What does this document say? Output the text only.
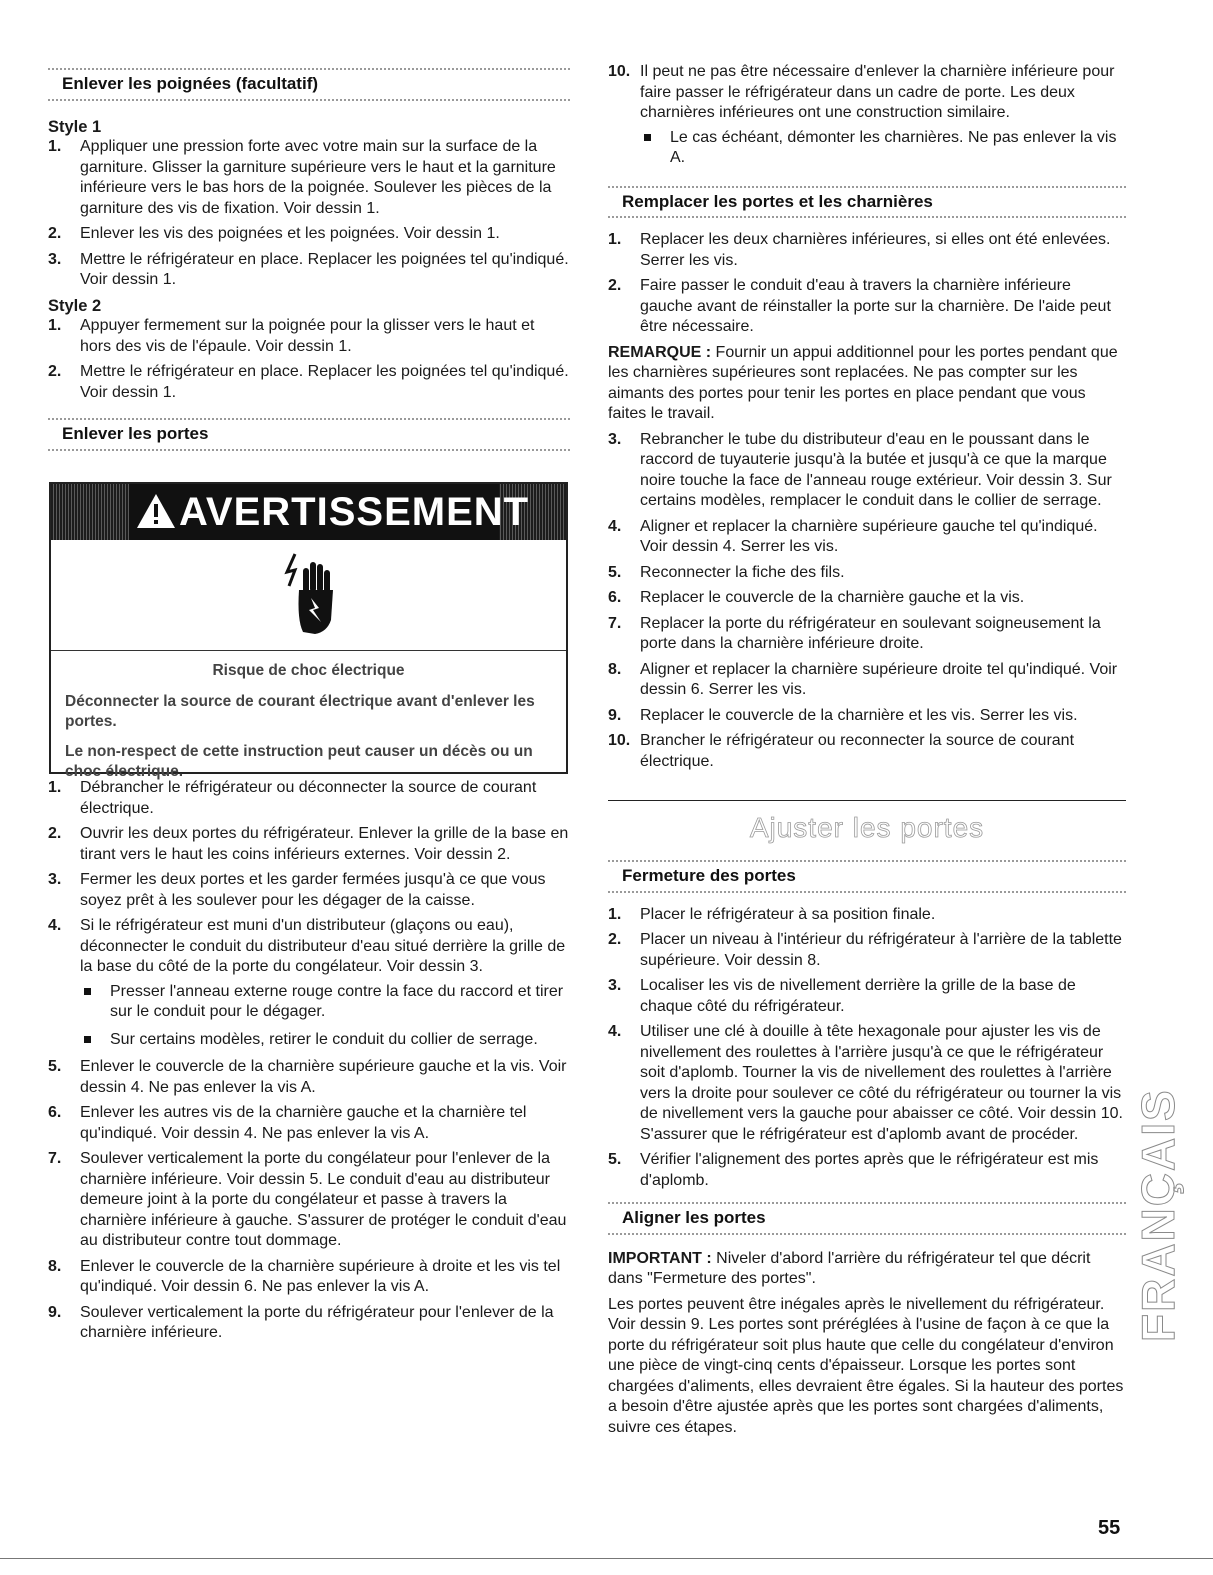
Enlever les poignées (facultatif)
Style 1
1. Appliquer une pression forte avec votre main sur la surface de la garniture. Glisser la garniture supérieure vers le haut et la garniture inférieure vers le bas hors de la poignée. Soulever les pièces de la garniture des vis de fixation. Voir dessin 1.
2. Enlever les vis des poignées et les poignées. Voir dessin 1.
3. Mettre le réfrigérateur en place. Replacer les poignées tel qu'indiqué. Voir dessin 1.
Style 2
1. Appuyer fermement sur la poignée pour la glisser vers le haut et hors des vis de l'épaule. Voir dessin 1.
2. Mettre le réfrigérateur en place. Replacer les poignées tel qu'indiqué. Voir dessin 1.
Enlever les portes
AVERTISSEMENT

Risque de choc électrique

Déconnecter la source de courant électrique avant d'enlever les portes.

Le non-respect de cette instruction peut causer un décès ou un choc électrique.

1. Débrancher le réfrigérateur ou déconnecter la source de courant électrique.
2. Ouvrir les deux portes du réfrigérateur. Enlever la grille de la base en tirant vers le haut les coins inférieurs externes. Voir dessin 2.
3. Fermer les deux portes et les garder fermées jusqu'à ce que vous soyez prêt à les soulever pour les dégager de la caisse.
4. Si le réfrigérateur est muni d'un distributeur (glaçons ou eau), déconnecter le conduit du distributeur d'eau situé derrière la grille de la base du côté de la porte du congélateur. Voir dessin 3.
Presser l'anneau externe rouge contre la face du raccord et tirer sur le conduit pour le dégager.
Sur certains modèles, retirer le conduit du collier de serrage.
5. Enlever le couvercle de la charnière supérieure gauche et la vis. Voir dessin 4. Ne pas enlever la vis A.
6. Enlever les autres vis de la charnière gauche et la charnière tel qu'indiqué. Voir dessin 4. Ne pas enlever la vis A.
7. Soulever verticalement la porte du congélateur pour l'enlever de la charnière inférieure. Voir dessin 5. Le conduit d'eau au distributeur demeure joint à la porte du congélateur et passe à travers la charnière inférieure à gauche. S'assurer de protéger le conduit d'eau au distributeur contre tout dommage.
8. Enlever le couvercle de la charnière supérieure à droite et les vis tel qu'indiqué. Voir dessin 6. Ne pas enlever la vis A.
9. Soulever verticalement la porte du réfrigérateur pour l'enlever de la charnière inférieure.
10. Il peut ne pas être nécessaire d'enlever la charnière inférieure pour faire passer le réfrigérateur dans un cadre de porte. Les deux charnières inférieures ont une construction similaire.
Le cas échéant, démonter les charnières. Ne pas enlever la vis A.
Remplacer les portes et les charnières
1. Replacer les deux charnières inférieures, si elles ont été enlevées. Serrer les vis.
2. Faire passer le conduit d'eau à travers la charnière inférieure gauche avant de réinstaller la porte sur la charnière. De l'aide peut être nécessaire.

REMARQUE : Fournir un appui additionnel pour les portes pendant que les charnières supérieures sont replacées. Ne pas compter sur les aimants des portes pour tenir les portes en place pendant que vous faites le travail.

3. Rebrancher le tube du distributeur d'eau en le poussant dans le raccord de tuyauterie jusqu'à la butée et jusqu'à ce que la marque noire touche la face de l'anneau rouge extérieur. Voir dessin 3. Sur certains modèles, remplacer le conduit dans le collier de serrage.
4. Aligner et replacer la charnière supérieure gauche tel qu'indiqué. Voir dessin 4. Serrer les vis.
5. Reconnecter la fiche des fils.
6. Replacer le couvercle de la charnière gauche et la vis.
7. Replacer la porte du réfrigérateur en soulevant soigneusement la porte dans la charnière inférieure droite.
8. Aligner et replacer la charnière supérieure droite tel qu'indiqué. Voir dessin 6. Serrer les vis.
9. Replacer le couvercle de la charnière et les vis. Serrer les vis.
10. Brancher le réfrigérateur ou reconnecter la source de courant électrique.
Ajuster les portes
Fermeture des portes
1. Placer le réfrigérateur à sa position finale.
2. Placer un niveau à l'intérieur du réfrigérateur à l'arrière de la tablette supérieure. Voir dessin 8.
3. Localiser les vis de nivellement derrière la grille de la base de chaque côté du réfrigérateur.
4. Utiliser une clé à douille à tête hexagonale pour ajuster les vis de nivellement des roulettes à l'arrière jusqu'à ce que le réfrigérateur soit d'aplomb. Tourner la vis de nivellement des roulettes à l'arrière vers la droite pour soulever ce côté du réfrigérateur ou tourner la vis de nivellement vers la gauche pour abaisser ce côté. Voir dessin 10. S'assurer que le réfrigérateur est d'aplomb avant de procéder.
5. Vérifier l'alignement des portes après que le réfrigérateur est mis d'aplomb.
Aligner les portes

IMPORTANT : Niveler d'abord l'arrière du réfrigérateur tel que décrit dans "Fermeture des portes".

Les portes peuvent être inégales après le nivellement du réfrigérateur. Voir dessin 9. Les portes sont préréglées à l'usine de façon à ce que la porte du réfrigérateur soit plus haute que celle du congélateur d'environ une pièce de vingt-cinq cents d'épaisseur. Lorsque les portes sont chargées d'aliments, elles devraient être égales. Si la hauteur des portes a besoin d'être ajustée après que les portes sont chargées d'aliments, suivre ces étapes.

FRANÇAIS
55
